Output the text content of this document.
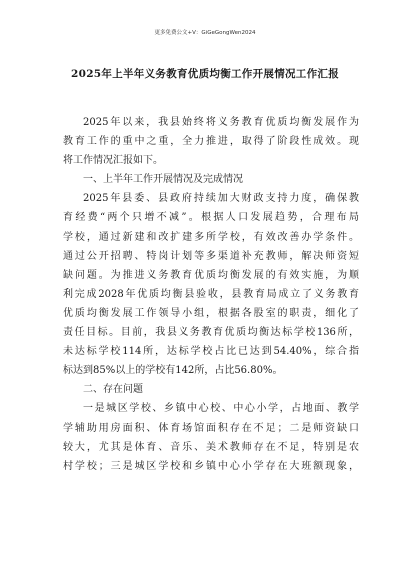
更多免费公文+V：GiGeGongWen2024
2025年上半年义务教育优质均衡工作开展情况工作汇报
2025年以来，我县始终将义务教育优质均衡发展作为
教育工作的重中之重，全力推进，取得了阶段性成效。现
将工作情况汇报如下。
一、上半年工作开展情况及完成情况
2025年县委、县政府持续加大财政支持力度，确保教
育经费“两个只增不减”。根据人口发展趋势，合理布局
学校，通过新建和改扩建多所学校，有效改善办学条件。
通过公开招聘、特岗计划等多渠道补充教师，解决师资短
缺问题。为推进义务教育优质均衡发展的有效实施，为顺
利完成2028年优质均衡县验收，县教育局成立了义务教育
优质均衡发展工作领导小组，根据各股室的职责，细化了
责任目标。目前，我县义务教育优质均衡达标学校136所，
未达标学校114所，达标学校占比已达到54.40%，综合指
标达到85%以上的学校有142所，占比56.80%。
二、存在问题
一是城区学校、乡镇中心校、中心小学，占地面、教学
学辅助用房面积、体育场馆面积存在不足；二是师资缺口
较大，尤其是体育、音乐、美术教师存在不足，特别是农
村学校；三是城区学校和乡镇中心小学存在大班额现象，
